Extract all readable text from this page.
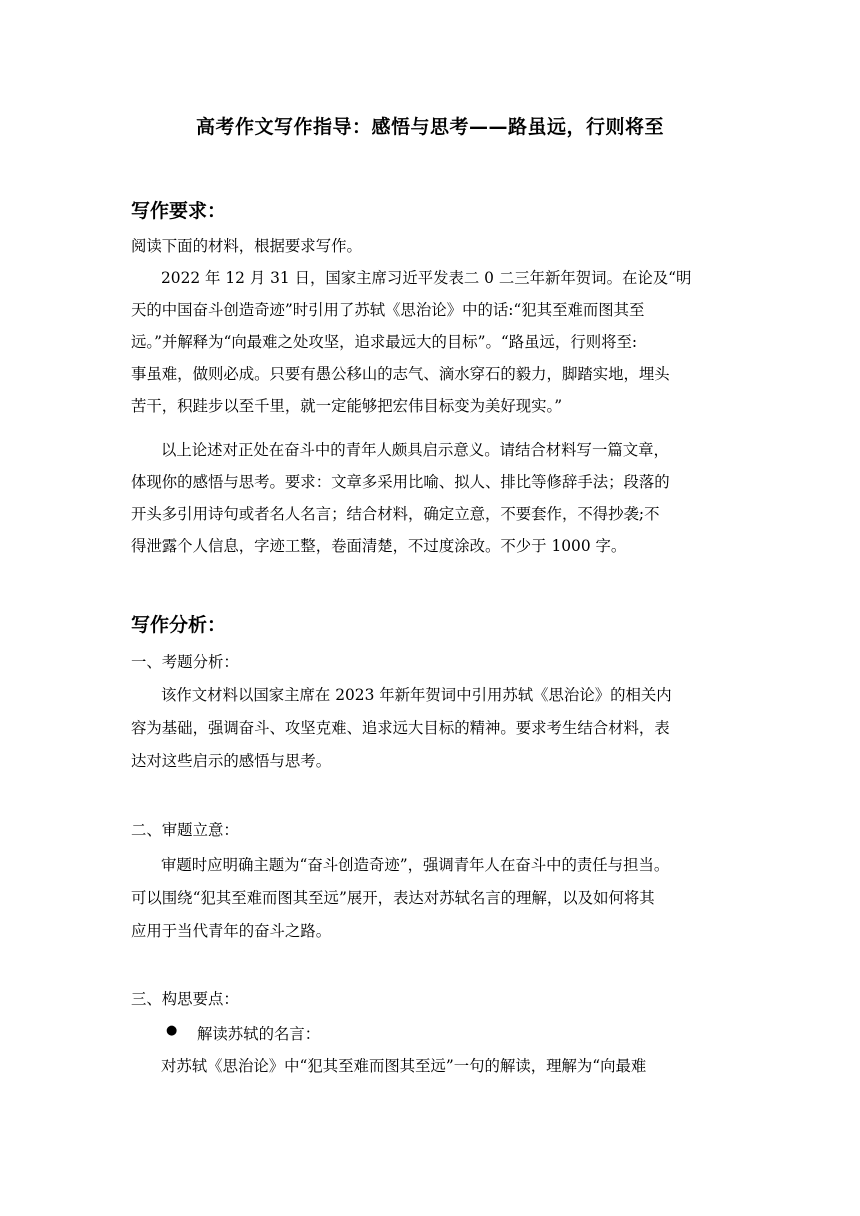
高考作文写作指导：感悟与思考——路虽远，行则将至
写作要求：
阅读下面的材料，根据要求写作。
2022 年 12 月 31 日，国家主席习近平发表二 0 二三年新年贺词。在论及“明
天的中国奋斗创造奇迹”时引用了苏轼《思治论》中的话:“犯其至难而图其至
远。”并解释为“向最难之处攻坚，追求最远大的目标”。“路虽远，行则将至:
事虽难，做则必成。只要有愚公移山的志气、滴水穿石的毅力，脚踏实地，埋头
苦干，积跬步以至千里，就一定能够把宏伟目标变为美好现实。”
以上论述对正处在奋斗中的青年人颇具启示意义。请结合材料写一篇文章，
体现你的感悟与思考。要求：文章多采用比喻、拟人、排比等修辞手法；段落的
开头多引用诗句或者名人名言；结合材料，确定立意，不要套作，不得抄袭;不
得泄露个人信息，字迹工整，卷面清楚，不过度涂改。不少于 1000 字。
写作分析：
一、考题分析：
该作文材料以国家主席在 2023 年新年贺词中引用苏轼《思治论》的相关内
容为基础，强调奋斗、攻坚克难、追求远大目标的精神。要求考生结合材料，表
达对这些启示的感悟与思考。
二、审题立意：
审题时应明确主题为“奋斗创造奇迹”，强调青年人在奋斗中的责任与担当。
可以围绕“犯其至难而图其至远”展开，表达对苏轼名言的理解，以及如何将其
应用于当代青年的奋斗之路。
三、构思要点：
● 解读苏轼的名言：
对苏轼《思治论》中“犯其至难而图其至远”一句的解读，理解为“向最难
